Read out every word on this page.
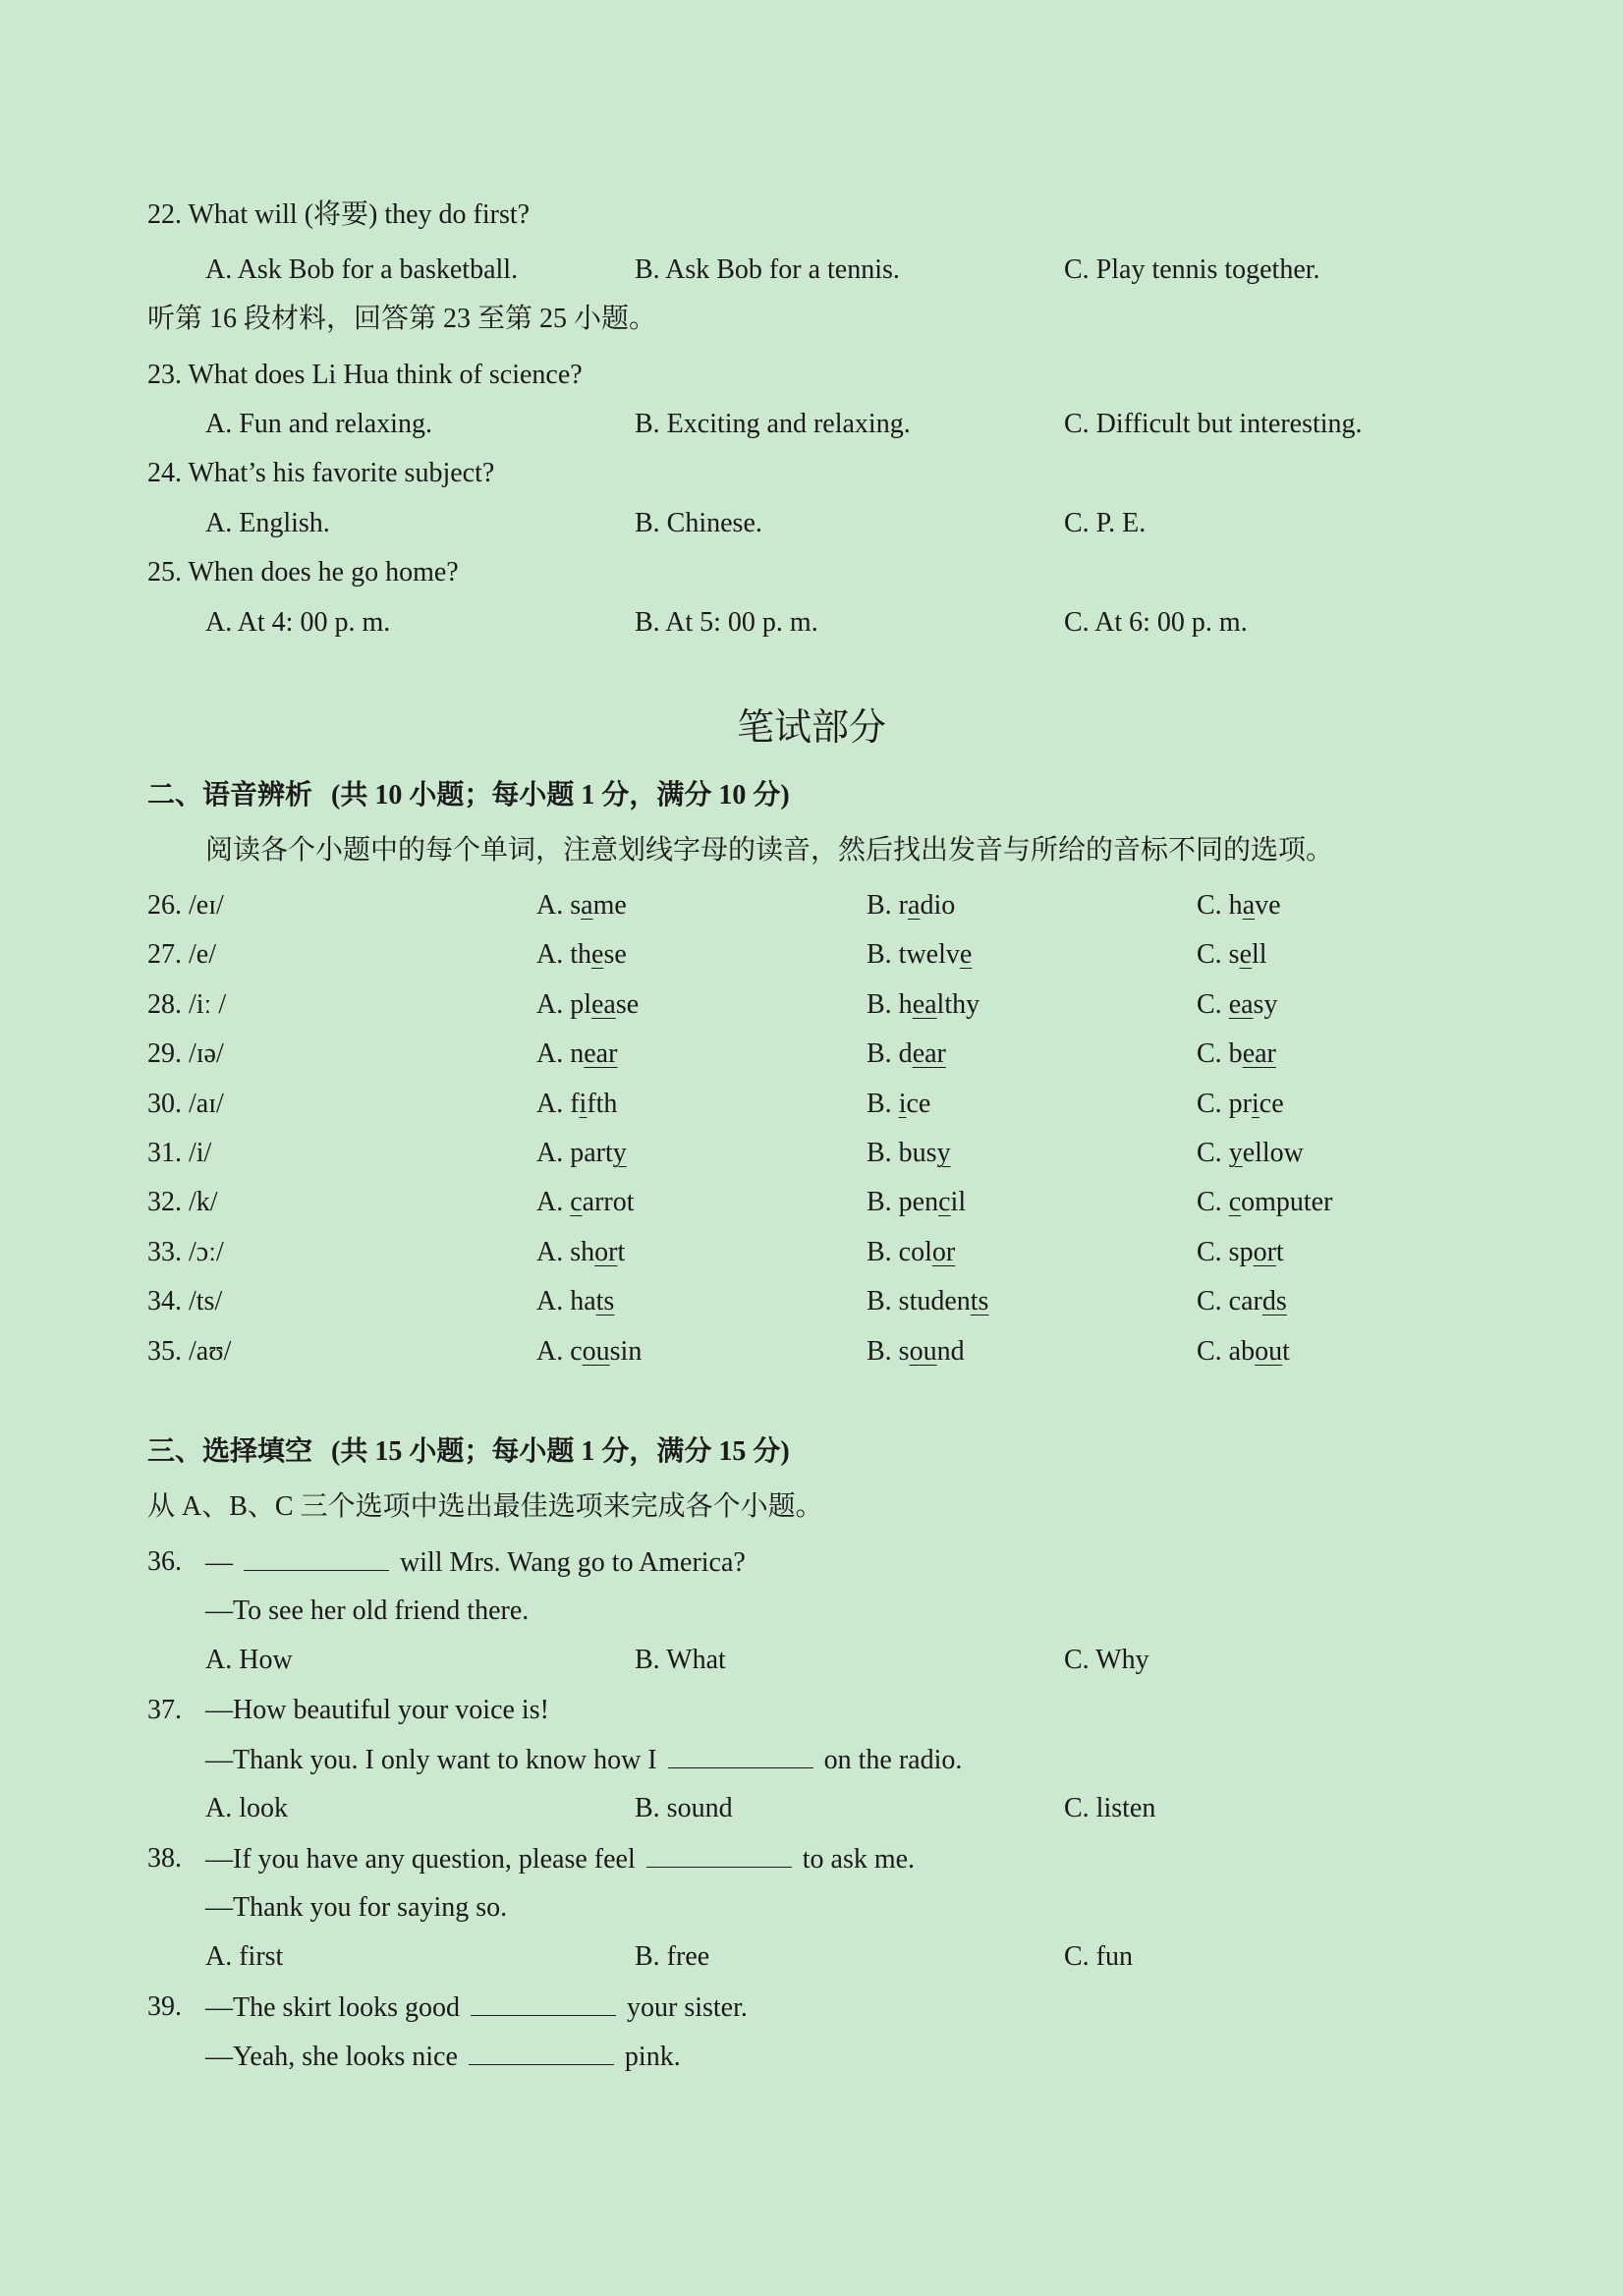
22. What will (将要) they do first?
A. Ask Bob for a basketball.	B. Ask Bob for a tennis.	C. Play tennis together.
听第 16 段材料，回答第 23 至第 25 小题。
23. What does Li Hua think of science?
A. Fun and relaxing.	B. Exciting and relaxing.	C. Difficult but interesting.
24. What’s his favorite subject?
A. English.	B. Chinese.	C. P. E.
25. When does he go home?
A. At 4: 00 p. m.	B. At 5: 00 p. m.	C. At 6: 00 p. m.
笔试部分
二、语音辨析 (共 10 小题；每小题 1 分，满分 10 分)
阅读各个小题中的每个单词，注意划线字母的读音，然后找出发音与所给的音标不同的选项。
26. /eɪ/	A. same	B. radio	C. have
27. /e/	A. these	B. twelve	C. sell
28. /iː /	A. please	B. healthy	C. easy
29. /ɪə/	A. near	B. dear	C. bear
30. /aɪ/	A. fifth	B. ice	C. price
31. /i/	A. party	B. busy	C. yellow
32. /k/	A. carrot	B. pencil	C. computer
33. /ɔː/	A. short	B. color	C. sport
34. /ts/	A. hats	B. students	C. cards
35. /aʊ/	A. cousin	B. sound	C. about
三、选择填空 (共 15 小题；每小题 1 分，满分 15 分)
从 A、B、C 三个选项中选出最佳选项来完成各个小题。
36. —	will Mrs. Wang go to America?
—To see her old friend there.
A. How	B. What	C. Why
37. —How beautiful your voice is!
—Thank you. I only want to know how I	on the radio.
A. look	B. sound	C. listen
38. —If you have any question, please feel	to ask me.
—Thank you for saying so.
A. first	B. free	C. fun
39. —The skirt looks good	your sister.
—Yeah, she looks nice	pink.
